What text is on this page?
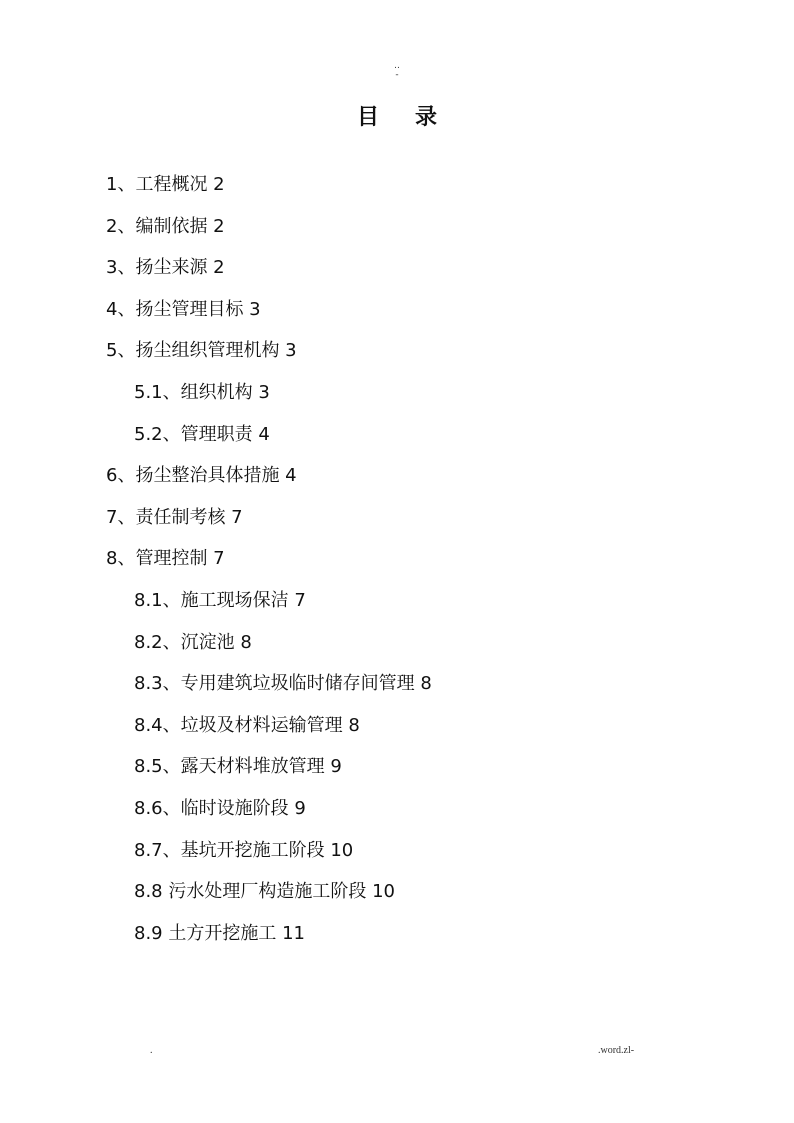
..
-
目录
1、工程概况 2
2、编制依据 2
3、扬尘来源 2
4、扬尘管理目标 3
5、扬尘组织管理机构 3
5.1、组织机构 3
5.2、管理职责 4
6、扬尘整治具体措施 4
7、责任制考核 7
8、管理控制 7
8.1、施工现场保洁 7
8.2、沉淀池 8
8.3、专用建筑垃圾临时储存间管理 8
8.4、垃圾及材料运输管理 8
8.5、露天材料堆放管理 9
8.6、临时设施阶段 9
8.7、基坑开挖施工阶段 10
8.8 污水处理厂构造施工阶段 10
8.9 土方开挖施工 11
.	.word.zl-
